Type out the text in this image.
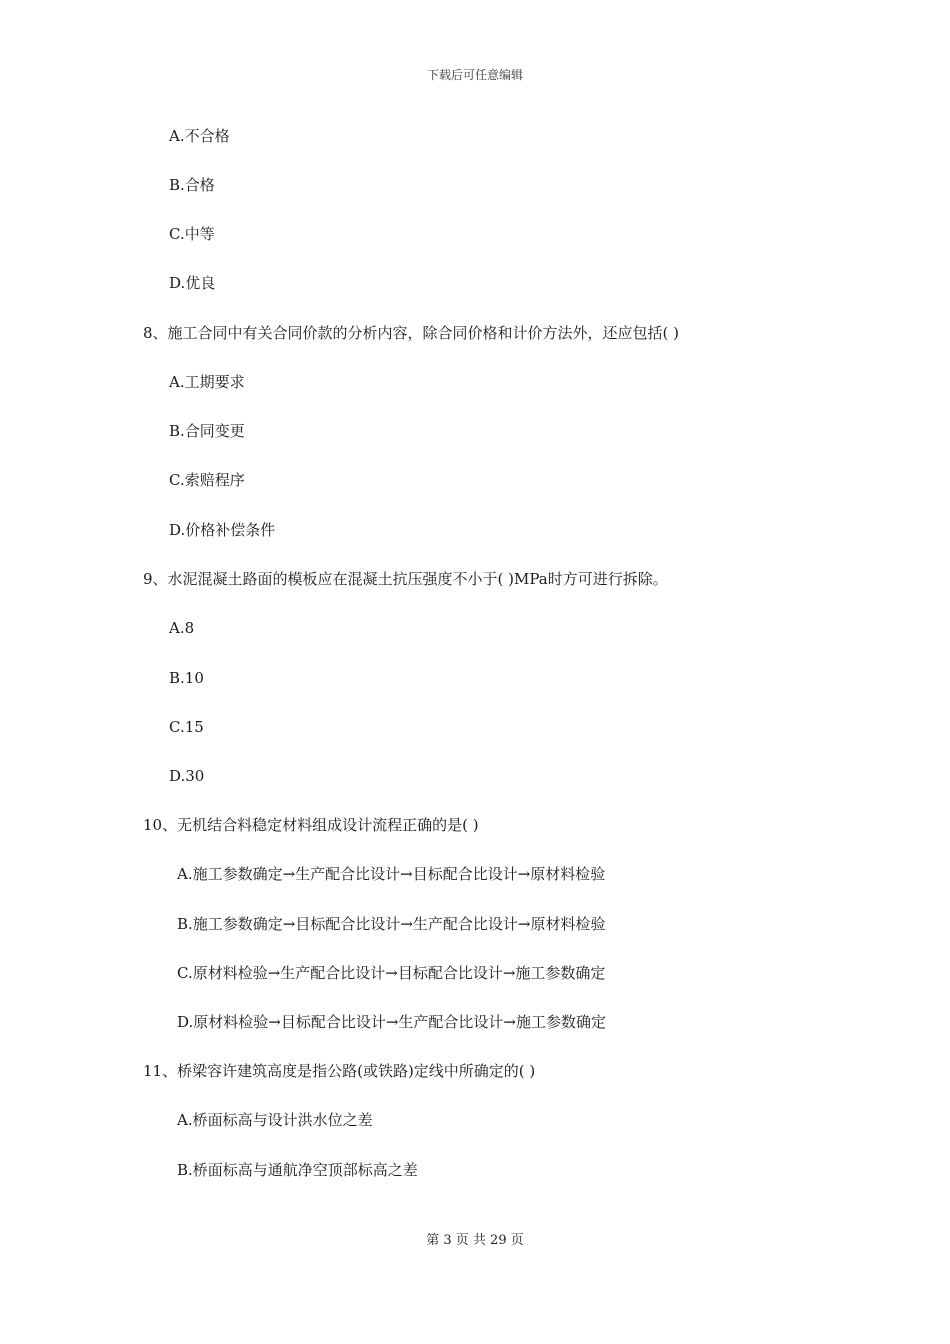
下载后可任意编辑
A.不合格
B.合格
C.中等
D.优良
8、施工合同中有关合同价款的分析内容，除合同价格和计价方法外，还应包括( )
A.工期要求
B.合同变更
C.索赔程序
D.价格补偿条件
9、水泥混凝土路面的模板应在混凝土抗压强度不小于( )MPa时方可进行拆除。
A.8
B.10
C.15
D.30
10、无机结合料稳定材料组成设计流程正确的是( )
A.施工参数确定→生产配合比设计→目标配合比设计→原材料检验
B.施工参数确定→目标配合比设计→生产配合比设计→原材料检验
C.原材料检验→生产配合比设计→目标配合比设计→施工参数确定
D.原材料检验→目标配合比设计→生产配合比设计→施工参数确定
11、桥梁容许建筑高度是指公路(或铁路)定线中所确定的( )
A.桥面标高与设计洪水位之差
B.桥面标高与通航净空顶部标高之差
第 3 页 共 29 页
